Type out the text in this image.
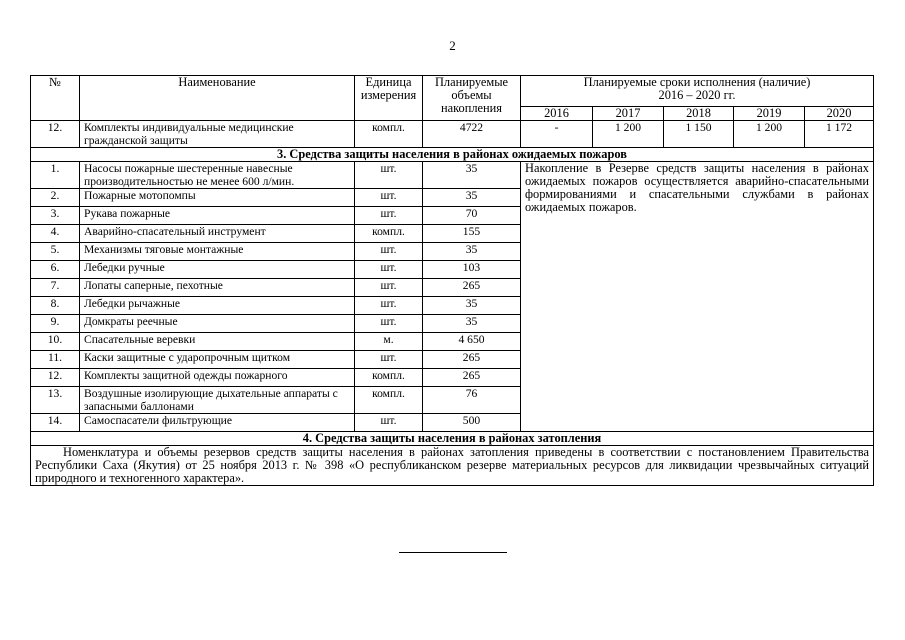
2
№	Наименование	Единица измерения	Планируемые объемы накопления	Планируемые сроки исполнения (наличие)
2016 – 2020 гг.				

				2016	2017	2018	2019	2020
12.	Комплекты индивидуальные медицинские гражданской защиты	компл.	4722	-	1 200	1 150	1 200	1 172
3. Средства защиты населения в районах ожидаемых пожаров								
1.	Насосы пожарные шестеренные навесные производительностью не менее 600 л/мин.	шт.	35	Накопление в Резерве средств защиты населения в районах ожидаемых пожаров осуществляется аварийно-спасательными формированиями и спасательными службами в районах ожидаемых пожаров.				
2.	Пожарные мотопомпы	шт.	35					
3.	Рукава пожарные	шт.	70					
4.	Аварийно-спасательный инструмент	компл.	155					
5.	Механизмы тяговые монтажные	шт.	35					
6.	Лебедки ручные	шт.	103					
7.	Лопаты саперные, пехотные	шт.	265					
8.	Лебедки рычажные	шт.	35					
9.	Домкраты реечные	шт.	35					
10.	Спасательные веревки	м.	4 650					
11.	Каски защитные с ударопрочным щитком	шт.	265					
12.	Комплекты защитной одежды пожарного	компл.	265					
13.	Воздушные изолирующие дыхательные аппараты с запасными баллонами	компл.	76					
14.	Самоспасатели фильтрующие	шт.	500					
4. Средства защиты населения в районах затопления								
Номенклатура и объемы резервов средств защиты населения в районах затопления приведены в соответствии с постановлением Правительства Республики Саха (Якутия) от 25 ноября 2013 г. № 398 «О республиканском резерве материальных ресурсов для ликвидации чрезвычайных ситуаций природного и техногенного характера».								
